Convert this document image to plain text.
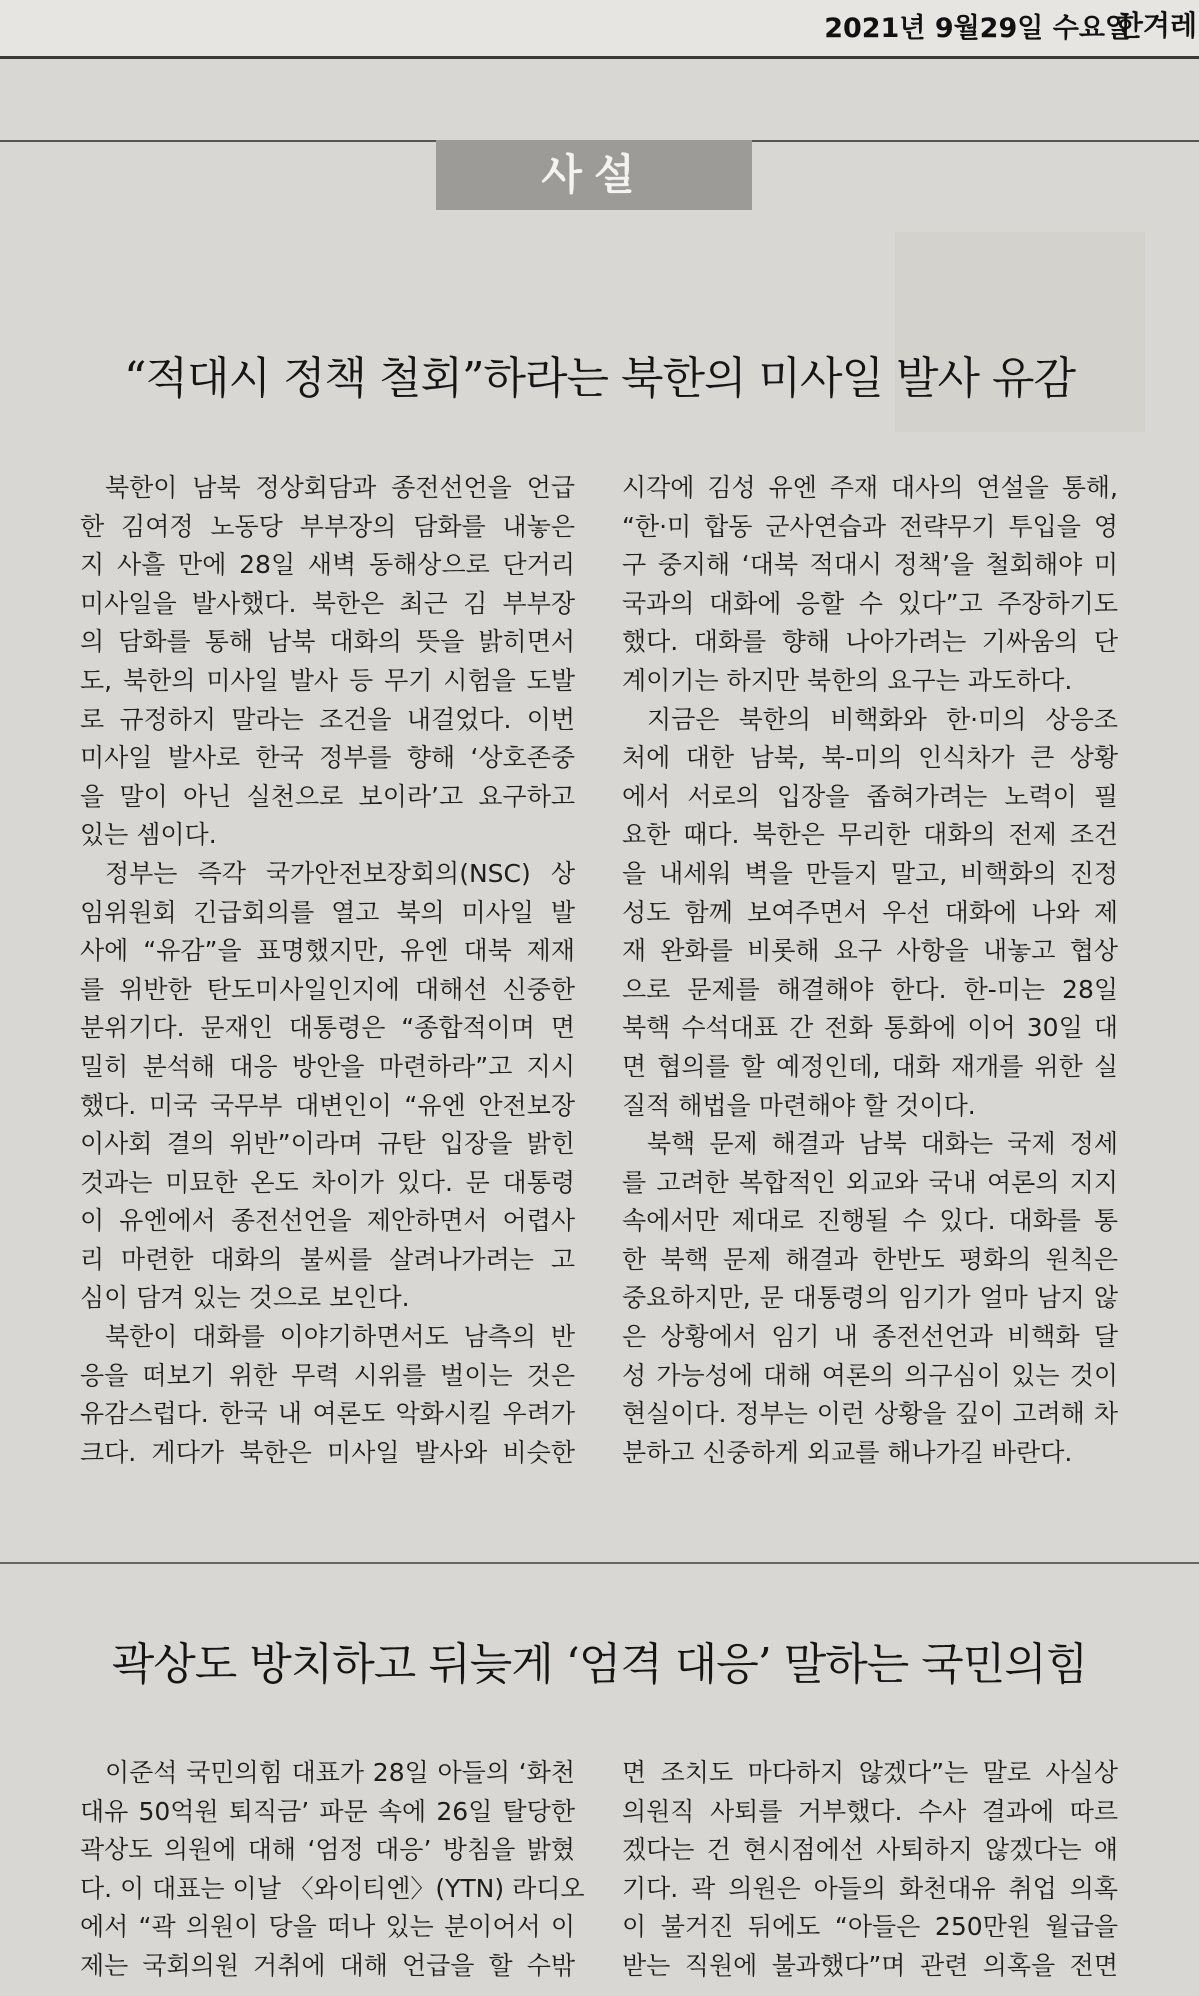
2021년 9월29일 수요일
한겨레
사설
“적대시 정책 철회”하라는 북한의 미사일 발사 유감

북한이 남북 정상회담과 종전선언을 언급
한 김여정 노동당 부부장의 담화를 내놓은
지 사흘 만에 28일 새벽 동해상으로 단거리
미사일을 발사했다. 북한은 최근 김 부부장
의 담화를 통해 남북 대화의 뜻을 밝히면서
도, 북한의 미사일 발사 등 무기 시험을 도발
로 규정하지 말라는 조건을 내걸었다. 이번
미사일 발사로 한국 정부를 향해 ‘상호존중
을 말이 아닌 실천으로 보이라’고 요구하고
있는 셈이다.

정부는 즉각 국가안전보장회의(NSC) 상
임위원회 긴급회의를 열고 북의 미사일 발
사에 “유감”을 표명했지만, 유엔 대북 제재
를 위반한 탄도미사일인지에 대해선 신중한
분위기다. 문재인 대통령은 “종합적이며 면
밀히 분석해 대응 방안을 마련하라”고 지시
했다. 미국 국무부 대변인이 “유엔 안전보장
이사회 결의 위반”이라며 규탄 입장을 밝힌
것과는 미묘한 온도 차이가 있다. 문 대통령
이 유엔에서 종전선언을 제안하면서 어렵사
리 마련한 대화의 불씨를 살려나가려는 고
심이 담겨 있는 것으로 보인다.

북한이 대화를 이야기하면서도 남측의 반
응을 떠보기 위한 무력 시위를 벌이는 것은
유감스럽다. 한국 내 여론도 악화시킬 우려가
크다. 게다가 북한은 미사일 발사와 비슷한

시각에 김성 유엔 주재 대사의 연설을 통해,
“한·미 합동 군사연습과 전략무기 투입을 영
구 중지해 ‘대북 적대시 정책’을 철회해야 미
국과의 대화에 응할 수 있다”고 주장하기도
했다. 대화를 향해 나아가려는 기싸움의 단
계이기는 하지만 북한의 요구는 과도하다.

지금은 북한의 비핵화와 한·미의 상응조
처에 대한 남북, 북-미의 인식차가 큰 상황
에서 서로의 입장을 좁혀가려는 노력이 필
요한 때다. 북한은 무리한 대화의 전제 조건
을 내세워 벽을 만들지 말고, 비핵화의 진정
성도 함께 보여주면서 우선 대화에 나와 제
재 완화를 비롯해 요구 사항을 내놓고 협상
으로 문제를 해결해야 한다. 한-미는 28일
북핵 수석대표 간 전화 통화에 이어 30일 대
면 협의를 할 예정인데, 대화 재개를 위한 실
질적 해법을 마련해야 할 것이다.

북핵 문제 해결과 남북 대화는 국제 정세
를 고려한 복합적인 외교와 국내 여론의 지지
속에서만 제대로 진행될 수 있다. 대화를 통
한 북핵 문제 해결과 한반도 평화의 원칙은
중요하지만, 문 대통령의 임기가 얼마 남지 않
은 상황에서 임기 내 종전선언과 비핵화 달
성 가능성에 대해 여론의 의구심이 있는 것이
현실이다. 정부는 이런 상황을 깊이 고려해 차
분하고 신중하게 외교를 해나가길 바란다.

곽상도 방치하고 뒤늦게 ‘엄격 대응’ 말하는 국민의힘

이준석 국민의힘 대표가 28일 아들의 ‘화천
대유 50억원 퇴직금’ 파문 속에 26일 탈당한
곽상도 의원에 대해 ‘엄정 대응’ 방침을 밝혔
다. 이 대표는 이날 〈와이티엔〉(YTN) 라디오
에서 “곽 의원이 당을 떠나 있는 분이어서 이
제는 국회의원 거취에 대해 언급을 할 수밖

면 조치도 마다하지 않겠다”는 말로 사실상
의원직 사퇴를 거부했다. 수사 결과에 따르
겠다는 건 현시점에선 사퇴하지 않겠다는 얘
기다. 곽 의원은 아들의 화천대유 취업 의혹
이 불거진 뒤에도 “아들은 250만원 월급을
받는 직원에 불과했다”며 관련 의혹을 전면
